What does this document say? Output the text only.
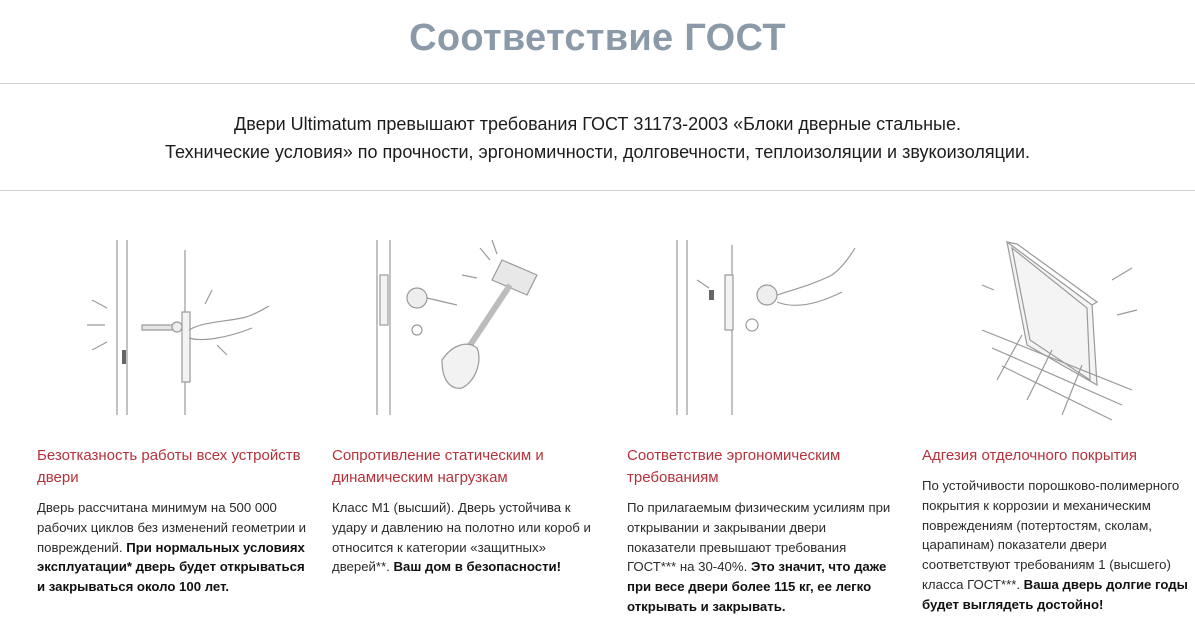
Соответствие ГОСТ
Двери Ultimatum превышают требования ГОСТ 31173-2003 «Блоки дверные стальные.
Технические условия» по прочности, эргономичности, долговечности, теплоизоляции и звукоизоляции.
Безотказность работы всех устройств двери
Дверь рассчитана минимум на 500 000 рабочих циклов без изменений геометрии и повреждений. При нормальных условиях эксплуатации* дверь будет открываться и закрываться около 100 лет.
Сопротивление статическим и динамическим нагрузкам
Класс М1 (высший). Дверь устойчива к удару и давлению на полотно или короб и относится к категории «защитных» дверей**. Ваш дом в безопасности!
Соответствие эргономическим требованиям
По прилагаемым физическим усилиям при открывании и закрывании двери показатели превышают требования ГОСТ*** на 30-40%. Это значит, что даже при весе двери более 115 кг, ее легко открывать и закрывать.
Адгезия отделочного покрытия
По устойчивости порошково-полимерного покрытия к коррозии и механическим повреждениям (потертостям, сколам, царапинам) показатели двери соответствуют требованиям 1 (высшего) класса ГОСТ***. Ваша дверь долгие годы будет выглядеть достойно!
